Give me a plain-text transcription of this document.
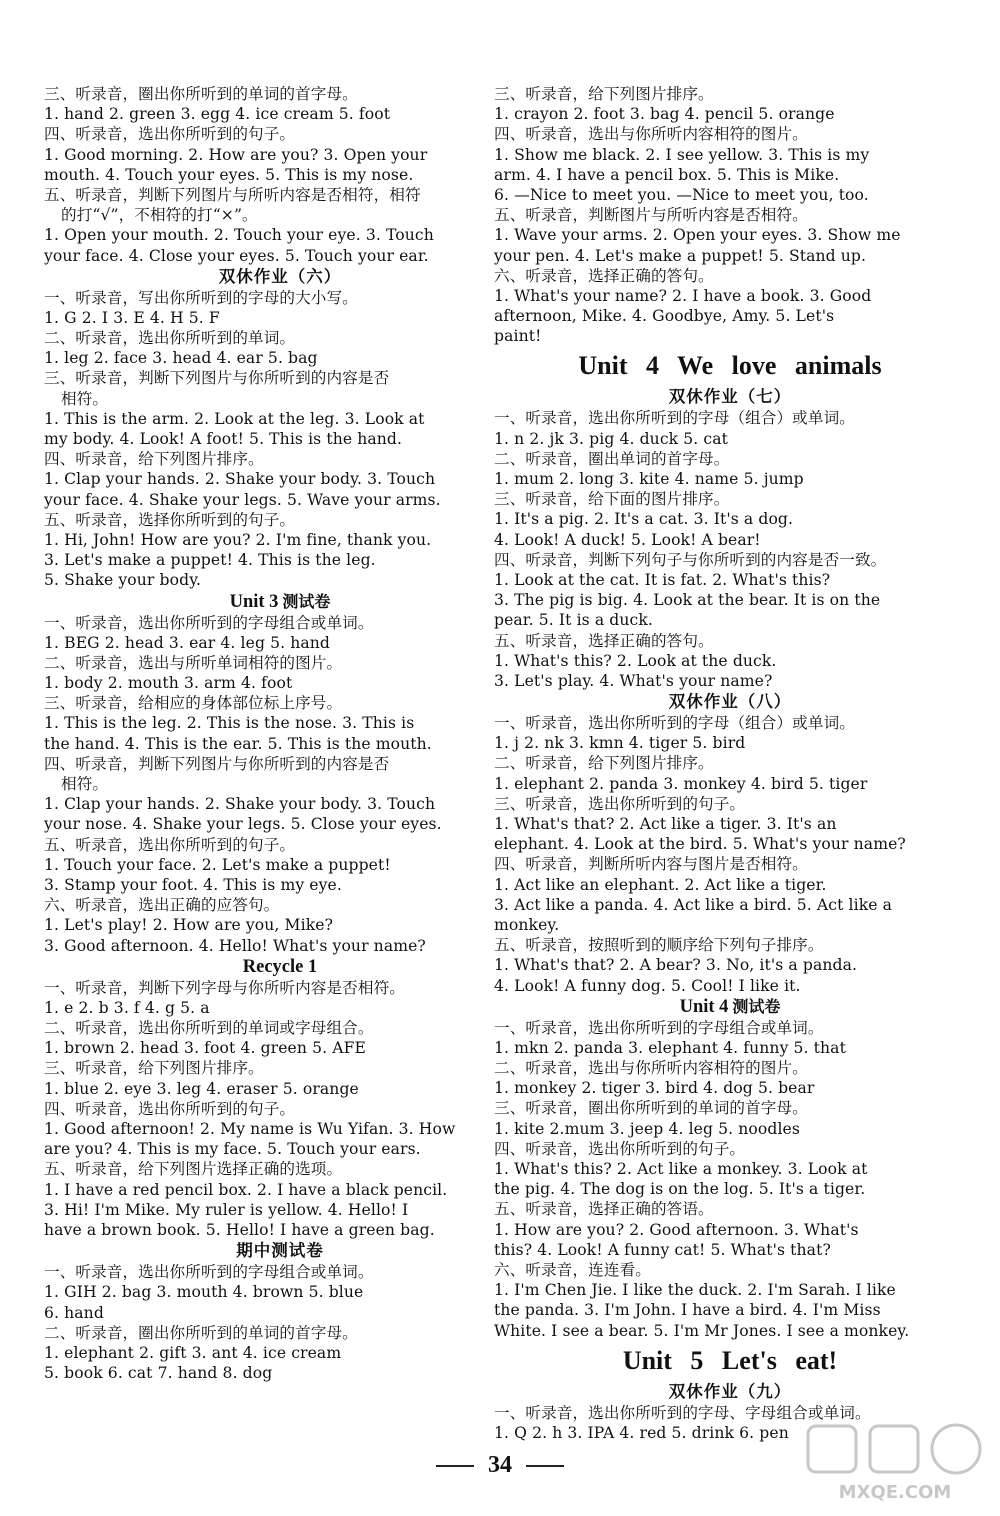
三、听录音，圈出你所听到的单词的首字母。
1. hand 2. green 3. egg 4. ice cream 5. foot
四、听录音，选出你所听到的句子。
1. Good morning. 2. How are you? 3. Open your
mouth. 4. Touch your eyes. 5. This is my nose.
五、听录音，判断下列图片与所听内容是否相符，相符
的打“√”，不相符的打“×”。
1. Open your mouth. 2. Touch your eye. 3. Touch
your face. 4. Close your eyes. 5. Touch your ear.
双休作业（六）
一、听录音，写出你所听到的字母的大小写。
1. G 2. I 3. E 4. H 5. F
二、听录音，选出你所听到的单词。
1. leg 2. face 3. head 4. ear 5. bag
三、听录音，判断下列图片与你所听到的内容是否
相符。
1. This is the arm. 2. Look at the leg. 3. Look at
my body. 4. Look! A foot! 5. This is the hand.
四、听录音，给下列图片排序。
1. Clap your hands. 2. Shake your body. 3. Touch
your face. 4. Shake your legs. 5. Wave your arms.
五、听录音，选择你所听到的句子。
1. Hi, John! How are you? 2. I'm fine, thank you.
3. Let's make a puppet! 4. This is the leg.
5. Shake your body.
Unit 3 测试卷
一、听录音，选出你所听到的字母组合或单词。
1. BEG 2. head 3. ear 4. leg 5. hand
二、听录音，选出与所听单词相符的图片。
1. body 2. mouth 3. arm 4. foot
三、听录音，给相应的身体部位标上序号。
1. This is the leg. 2. This is the nose. 3. This is
the hand. 4. This is the ear. 5. This is the mouth.
四、听录音，判断下列图片与你所听到的内容是否
相符。
1. Clap your hands. 2. Shake your body. 3. Touch
your nose. 4. Shake your legs. 5. Close your eyes.
五、听录音，选出你所听到的句子。
1. Touch your face. 2. Let's make a puppet!
3. Stamp your foot. 4. This is my eye.
六、听录音，选出正确的应答句。
1. Let's play! 2. How are you, Mike?
3. Good afternoon. 4. Hello! What's your name?
Recycle 1
一、听录音，判断下列字母与你所听内容是否相符。
1. e 2. b 3. f 4. g 5. a
二、听录音，选出你所听到的单词或字母组合。
1. brown 2. head 3. foot 4. green 5. AFE
三、听录音，给下列图片排序。
1. blue 2. eye 3. leg 4. eraser 5. orange
四、听录音，选出你所听到的句子。
1. Good afternoon! 2. My name is Wu Yifan. 3. How
are you? 4. This is my face. 5. Touch your ears.
五、听录音，给下列图片选择正确的选项。
1. I have a red pencil box. 2. I have a black pencil.
3. Hi! I'm Mike. My ruler is yellow. 4. Hello! I
have a brown book. 5. Hello! I have a green bag.
期中测试卷
一、听录音，选出你所听到的字母组合或单词。
1. GIH 2. bag 3. mouth 4. brown 5. blue
6. hand
二、听录音，圈出你所听到的单词的首字母。
1. elephant 2. gift 3. ant 4. ice cream
5. book 6. cat 7. hand 8. dog
三、听录音，给下列图片排序。
1. crayon 2. foot 3. bag 4. pencil 5. orange
四、听录音，选出与你所听内容相符的图片。
1. Show me black. 2. I see yellow. 3. This is my
arm. 4. I have a pencil box. 5. This is Mike.
6. —Nice to meet you. —Nice to meet you, too.
五、听录音，判断图片与所听内容是否相符。
1. Wave your arms. 2. Open your eyes. 3. Show me
your pen. 4. Let's make a puppet! 5. Stand up.
六、听录音，选择正确的答句。
1. What's your name? 2. I have a book. 3. Good
afternoon, Mike. 4. Goodbye, Amy. 5. Let's
paint!
Unit 4 We love animals
双休作业（七）
一、听录音，选出你所听到的字母（组合）或单词。
1. n 2. jk 3. pig 4. duck 5. cat
二、听录音，圈出单词的首字母。
1. mum 2. long 3. kite 4. name 5. jump
三、听录音，给下面的图片排序。
1. It's a pig. 2. It's a cat. 3. It's a dog.
4. Look! A duck! 5. Look! A bear!
四、听录音，判断下列句子与你所听到的内容是否一致。
1. Look at the cat. It is fat. 2. What's this?
3. The pig is big. 4. Look at the bear. It is on the
pear. 5. It is a duck.
五、听录音，选择正确的答句。
1. What's this? 2. Look at the duck.
3. Let's play. 4. What's your name?
双休作业（八）
一、听录音，选出你所听到的字母（组合）或单词。
1. j 2. nk 3. kmn 4. tiger 5. bird
二、听录音，给下列图片排序。
1. elephant 2. panda 3. monkey 4. bird 5. tiger
三、听录音，选出你所听到的句子。
1. What's that? 2. Act like a tiger. 3. It's an
elephant. 4. Look at the bird. 5. What's your name?
四、听录音，判断所听内容与图片是否相符。
1. Act like an elephant. 2. Act like a tiger.
3. Act like a panda. 4. Act like a bird. 5. Act like a
monkey.
五、听录音，按照听到的顺序给下列句子排序。
1. What's that? 2. A bear? 3. No, it's a panda.
4. Look! A funny dog. 5. Cool! I like it.
Unit 4 测试卷
一、听录音，选出你所听到的字母组合或单词。
1. mkn 2. panda 3. elephant 4. funny 5. that
二、听录音，选出与你所听内容相符的图片。
1. monkey 2. tiger 3. bird 4. dog 5. bear
三、听录音，圈出你所听到的单词的首字母。
1. kite 2.mum 3. jeep 4. leg 5. noodles
四、听录音，选出你所听到的句子。
1. What's this? 2. Act like a monkey. 3. Look at
the pig. 4. The dog is on the log. 5. It's a tiger.
五、听录音，选择正确的答语。
1. How are you? 2. Good afternoon. 3. What's
this? 4. Look! A funny cat! 5. What's that?
六、听录音，连连看。
1. I'm Chen Jie. I like the duck. 2. I'm Sarah. I like
the panda. 3. I'm John. I have a bird. 4. I'm Miss
White. I see a bear. 5. I'm Mr Jones. I see a monkey.
Unit 5 Let's eat!
双休作业（九）
一、听录音，选出你所听到的字母、字母组合或单词。
1. Q 2. h 3. IPA 4. red 5. drink 6. pen
34
MXQE.COM
